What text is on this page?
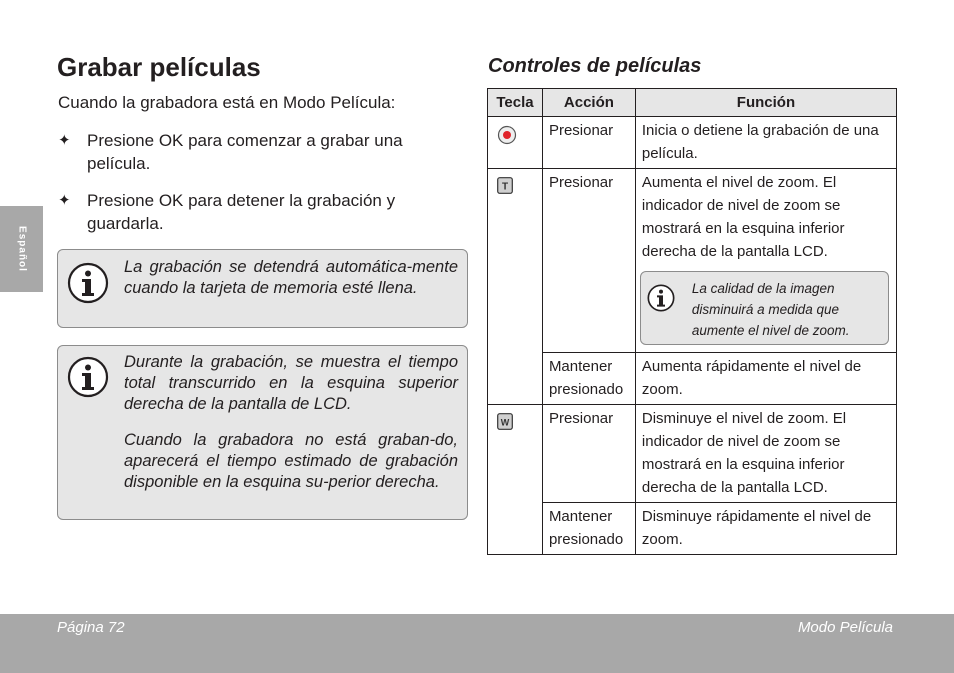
Español
Grabar películas

Cuando la grabadora está en Modo Película:

✦ Presione OK para comenzar a grabar una película.
✦ Presione OK para detener la grabación y guardarla.
La grabación se detendrá automática-mente cuando la tarjeta de memoria esté llena.
Durante la grabación, se muestra el tiempo total transcurrido en la esquina superior derecha de la pantalla de LCD.
Cuando la grabadora no está graban-do, aparecerá el tiempo estimado de grabación disponible en la esquina su-perior derecha.
Controles de películas
Tecla	Acción	Función
	Presionar	Inicia o detiene la grabación de una película.

T	Presionar	Aumenta el nivel de zoom. El indicador de nivel de zoom se mostrará en la esquina inferior derecha de la pantalla LCD.
La calidad de la imagen disminuirá a medida que aumente el nivel de zoom.

	Mantener presionado	Aumenta rápidamente el nivel de zoom.

W	Presionar	Disminuye el nivel de zoom. El indicador de nivel de zoom se mostrará en la esquina inferior derecha de la pantalla LCD.
	Mantener presionado	Disminuye rápidamente el nivel de zoom.
Página 72	Modo Película
